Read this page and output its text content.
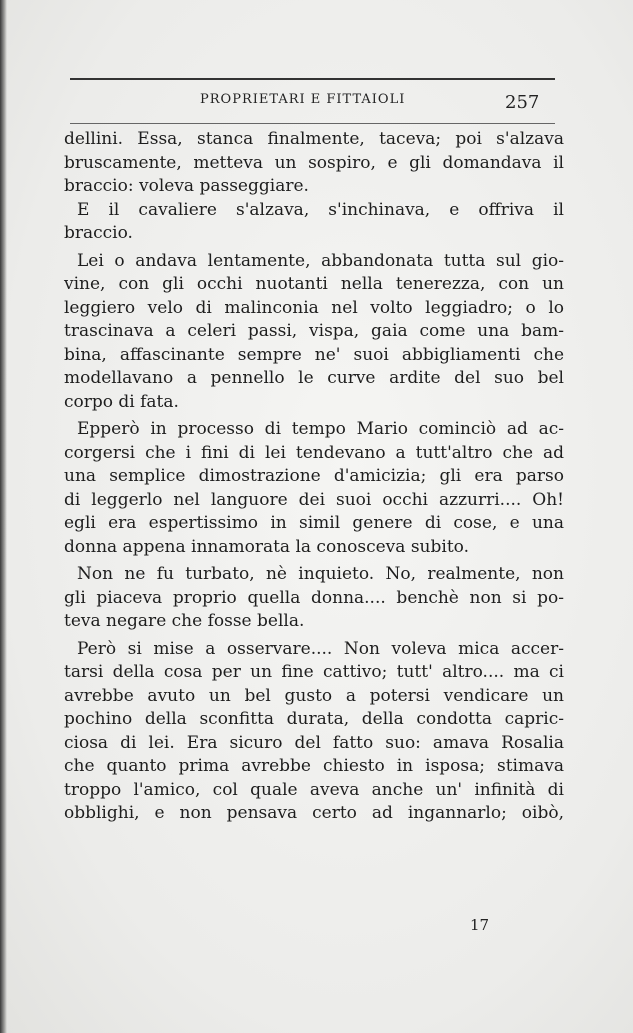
PROPRIETARI E FITTAIOLI	257
dellini. Essa, stanca finalmente, taceva; poi s'alzava
bruscamente, metteva un sospiro, e gli domandava il
braccio: voleva passeggiare.
E il cavaliere s'alzava, s'inchinava, e offriva il
braccio.
Lei o andava lentamente, abbandonata tutta sul gio-
vine, con gli occhi nuotanti nella tenerezza, con un
leggiero velo di malinconia nel volto leggiadro; o lo
trascinava a celeri passi, vispa, gaia come una bam-
bina, affascinante sempre ne' suoi abbigliamenti che
modellavano a pennello le curve ardite del suo bel
corpo di fata.
Epperò in processo di tempo Mario cominciò ad ac-
corgersi che i fini di lei tendevano a tutt'altro che ad
una semplice dimostrazione d'amicizia; gli era parso
di leggerlo nel languore dei suoi occhi azzurri.... Oh!
egli era espertissimo in simil genere di cose, e una
donna appena innamorata la conosceva subito.
Non ne fu turbato, nè inquieto. No, realmente, non
gli piaceva proprio quella donna.... benchè non si po-
teva negare che fosse bella.
Però si mise a osservare.... Non voleva mica accer-
tarsi della cosa per un fine cattivo; tutt' altro.... ma ci
avrebbe avuto un bel gusto a potersi vendicare un
pochino della sconfitta durata, della condotta capric-
ciosa di lei. Era sicuro del fatto suo: amava Rosalia
che quanto prima avrebbe chiesto in isposa; stimava
troppo l'amico, col quale aveva anche un' infinità di
obblighi, e non pensava certo ad ingannarlo; oibò,
17
